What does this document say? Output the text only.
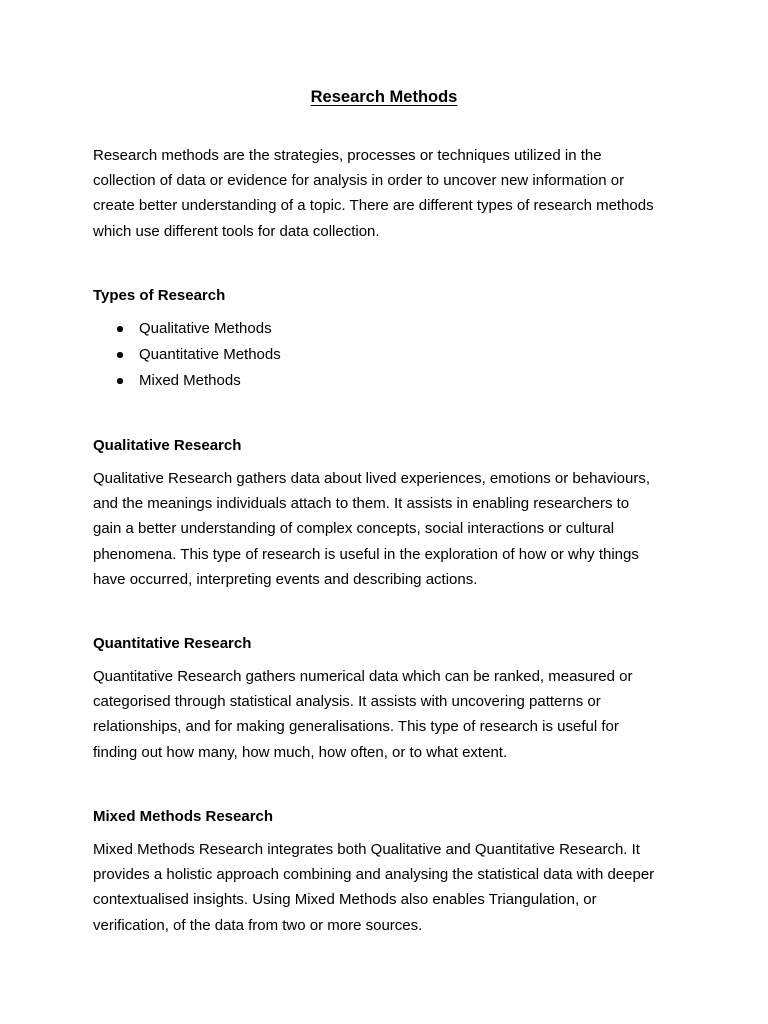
Research Methods

Research methods are the strategies, processes or techniques utilized in the
collection of data or evidence for analysis in order to uncover new information or
create better understanding of a topic. There are different types of research methods
which use different tools for data collection.

Types of Research
Qualitative Methods
Quantitative Methods
Mixed Methods
Qualitative Research

Qualitative Research gathers data about lived experiences, emotions or behaviours,
and the meanings individuals attach to them. It assists in enabling researchers to
gain a better understanding of complex concepts, social interactions or cultural
phenomena. This type of research is useful in the exploration of how or why things
have occurred, interpreting events and describing actions.

Quantitative Research

Quantitative Research gathers numerical data which can be ranked, measured or
categorised through statistical analysis. It assists with uncovering patterns or
relationships, and for making generalisations. This type of research is useful for
finding out how many, how much, how often, or to what extent.

Mixed Methods Research

Mixed Methods Research integrates both Qualitative and Quantitative Research. It
provides a holistic approach combining and analysing the statistical data with deeper
contextualised insights. Using Mixed Methods also enables Triangulation, or
verification, of the data from two or more sources.
